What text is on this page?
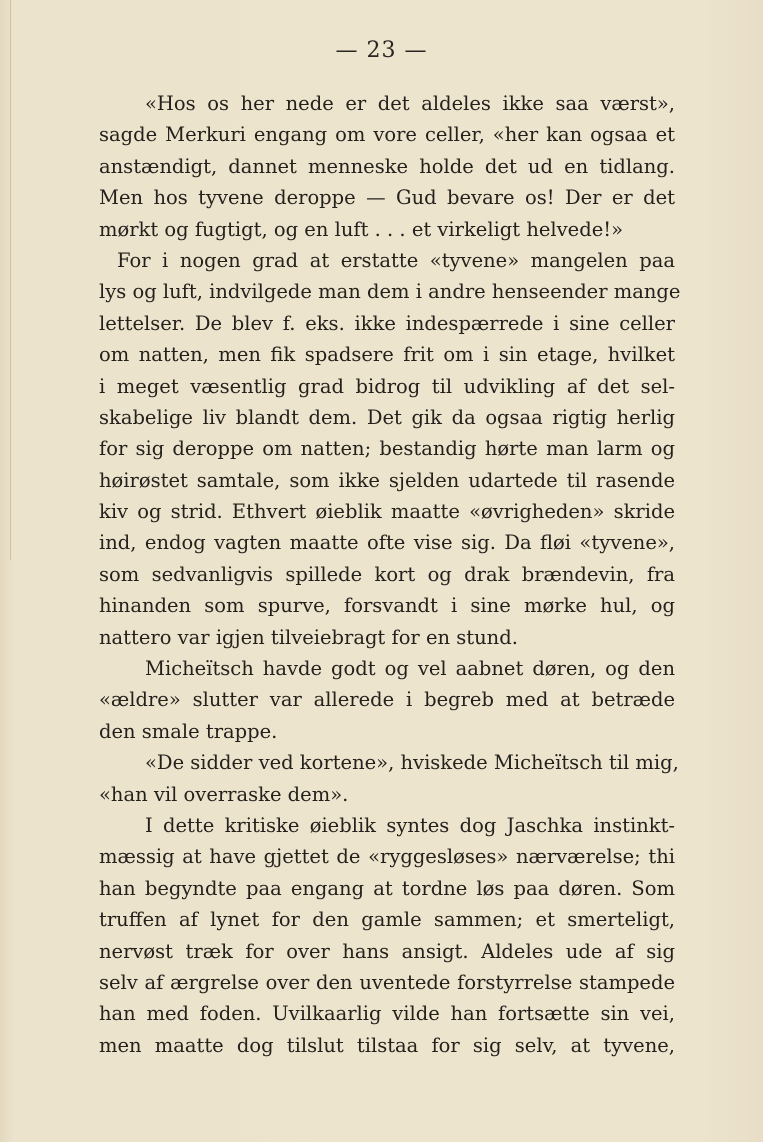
— 23 —
«Hos os her nede er det aldeles ikke saa værst»,
sagde Merkuri engang om vore celler, «her kan ogsaa et
anstændigt, dannet menneske holde det ud en tidlang.
Men hos tyvene deroppe — Gud bevare os! Der er det
mørkt og fugtigt, og en luft . . . et virkeligt helvede!»
For i nogen grad at erstatte «tyvene» mangelen paa
lys og luft, indvilgede man dem i andre henseender mange
lettelser. De blev f. eks. ikke indespærrede i sine celler
om natten, men fik spadsere frit om i sin etage, hvilket
i meget væsentlig grad bidrog til udvikling af det sel-
skabelige liv blandt dem. Det gik da ogsaa rigtig herlig
for sig deroppe om natten; bestandig hørte man larm og
høirøstet samtale, som ikke sjelden udartede til rasende
kiv og strid. Ethvert øieblik maatte «øvrigheden» skride
ind, endog vagten maatte ofte vise sig. Da fløi «tyvene»,
som sedvanligvis spillede kort og drak brændevin, fra
hinanden som spurve, forsvandt i sine mørke hul, og
nattero var igjen tilveiebragt for en stund.
Micheïtsch havde godt og vel aabnet døren, og den
«ældre» slutter var allerede i begreb med at betræde
den smale trappe.
«De sidder ved kortene», hviskede Micheïtsch til mig,
«han vil overraske dem».
I dette kritiske øieblik syntes dog Jaschka instinkt-
mæssig at have gjettet de «ryggesløses» nærværelse; thi
han begyndte paa engang at tordne løs paa døren. Som
truffen af lynet for den gamle sammen; et smerteligt,
nervøst træk for over hans ansigt. Aldeles ude af sig
selv af ærgrelse over den uventede forstyrrelse stampede
han med foden. Uvilkaarlig vilde han fortsætte sin vei,
men maatte dog tilslut tilstaa for sig selv, at tyvene,
